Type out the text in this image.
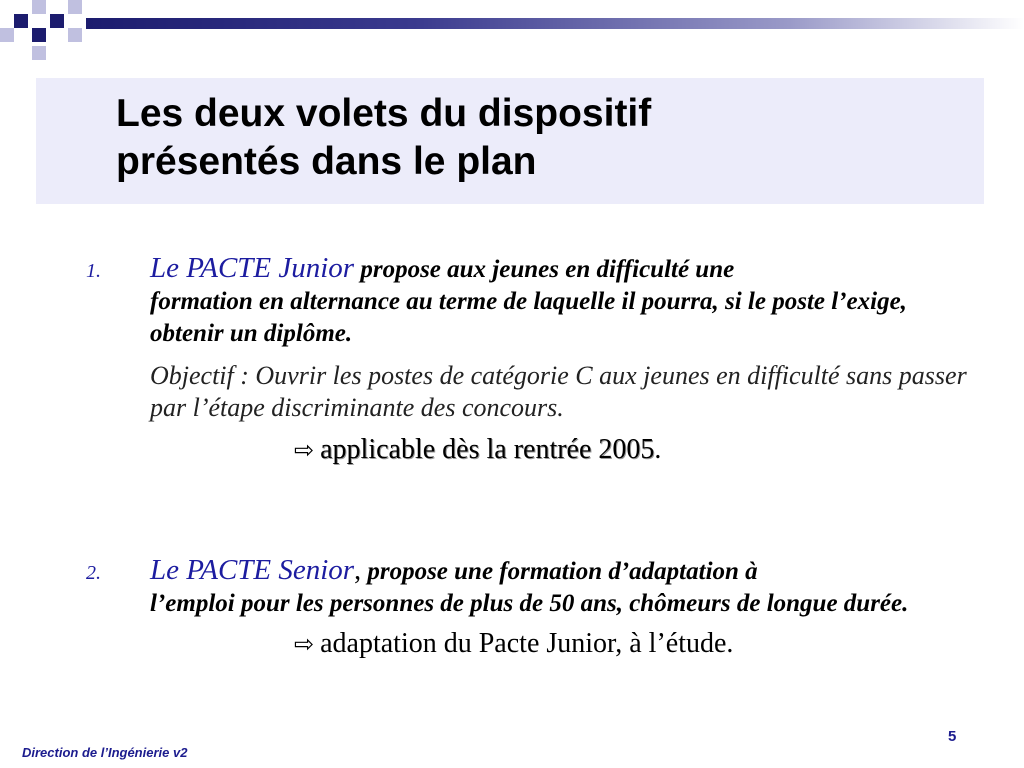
Les deux volets du dispositif
présentés dans le plan
1. Le PACTE Junior propose aux jeunes en difficulté une
formation en alternance au terme de laquelle il pourra, si le poste l’exige, obtenir un diplôme.
Objectif : Ouvrir les postes de catégorie C aux jeunes en difficulté sans passer par l’étape discriminante des concours.
⇨ applicable dès la rentrée 2005.
2. Le PACTE Senior, propose une formation d’adaptation à
l’emploi pour les personnes de plus de 50 ans, chômeurs de longue durée.
⇨ adaptation du Pacte Junior, à l’étude.
Direction de l’Ingénierie v2
5
